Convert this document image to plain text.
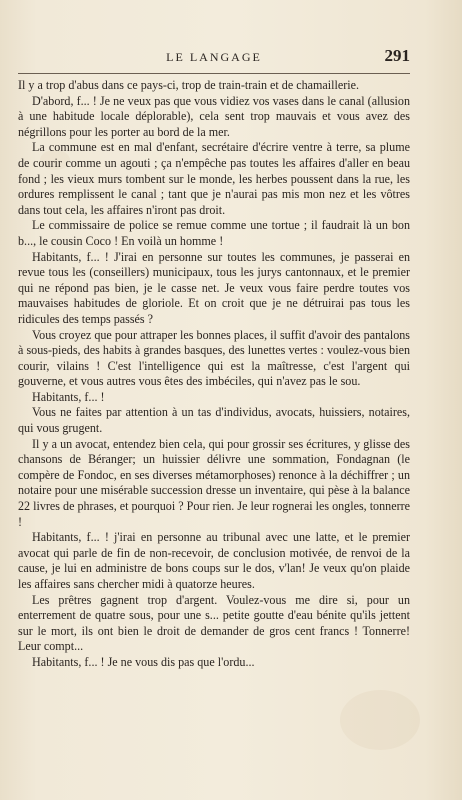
LE LANGAGE	291

Il y a trop d'abus dans ce pays-ci, trop de train-train et de chamaillerie.

D'abord, f... ! Je ne veux pas que vous vidiez vos vases dans le canal (allusion à une habitude locale déplorable), cela sent trop mauvais et vous avez des négrillons pour les porter au bord de la mer.

La commune est en mal d'enfant, secrétaire d'écrire ventre à terre, sa plume de courir comme un agouti ; ça n'empêche pas toutes les affaires d'aller en beau fond ; les vieux murs tombent sur le monde, les herbes poussent dans la rue, les ordures remplissent le canal ; tant que je n'aurai pas mis mon nez et les vôtres dans tout cela, les affaires n'iront pas droit.

Le commissaire de police se remue comme une tortue ; il faudrait là un bon b..., le cousin Coco ! En voilà un homme !

Habitants, f... ! J'irai en personne sur toutes les communes, je passerai en revue tous les (conseillers) municipaux, tous les jurys cantonnaux, et le premier qui ne répond pas bien, je le casse net. Je veux vous faire perdre toutes vos mauvaises habitudes de gloriole. Et on croit que je ne détruirai pas tous les ridicules des temps passés ?

Vous croyez que pour attraper les bonnes places, il suffit d'avoir des pantalons à sous-pieds, des habits à grandes basques, des lunettes vertes : voulez-vous bien courir, vilains ! C'est l'intelligence qui est la maîtresse, c'est l'argent qui gouverne, et vous autres vous êtes des imbéciles, qui n'avez pas le sou.

Habitants, f... !

Vous ne faites par attention à un tas d'individus, avocats, huissiers, notaires, qui vous grugent.

Il y a un avocat, entendez bien cela, qui pour grossir ses écritures, y glisse des chansons de Béranger; un huissier délivre une sommation, Fondagnan (le compère de Fondoc, en ses diverses métamorphoses) renonce à la déchiffrer ; un notaire pour une misérable succession dresse un inventaire, qui pèse à la balance 22 livres de phrases, et pourquoi ? Pour rien. Je leur rognerai les ongles, tonnerre !

Habitants, f... ! j'irai en personne au tribunal avec une latte, et le premier avocat qui parle de fin de non-recevoir, de conclusion motivée, de renvoi de la cause, je lui en administre de bons coups sur le dos, v'lan! Je veux qu'on plaide les affaires sans chercher midi à quatorze heures.

Les prêtres gagnent trop d'argent. Voulez-vous me dire si, pour un enterrement de quatre sous, pour une s... petite goutte d'eau bénite qu'ils jettent sur le mort, ils ont bien le droit de demander de gros cent francs ! Tonnerre! Leur compt...

Habitants, f... ! Je ne vous dis pas que l'ordu...
